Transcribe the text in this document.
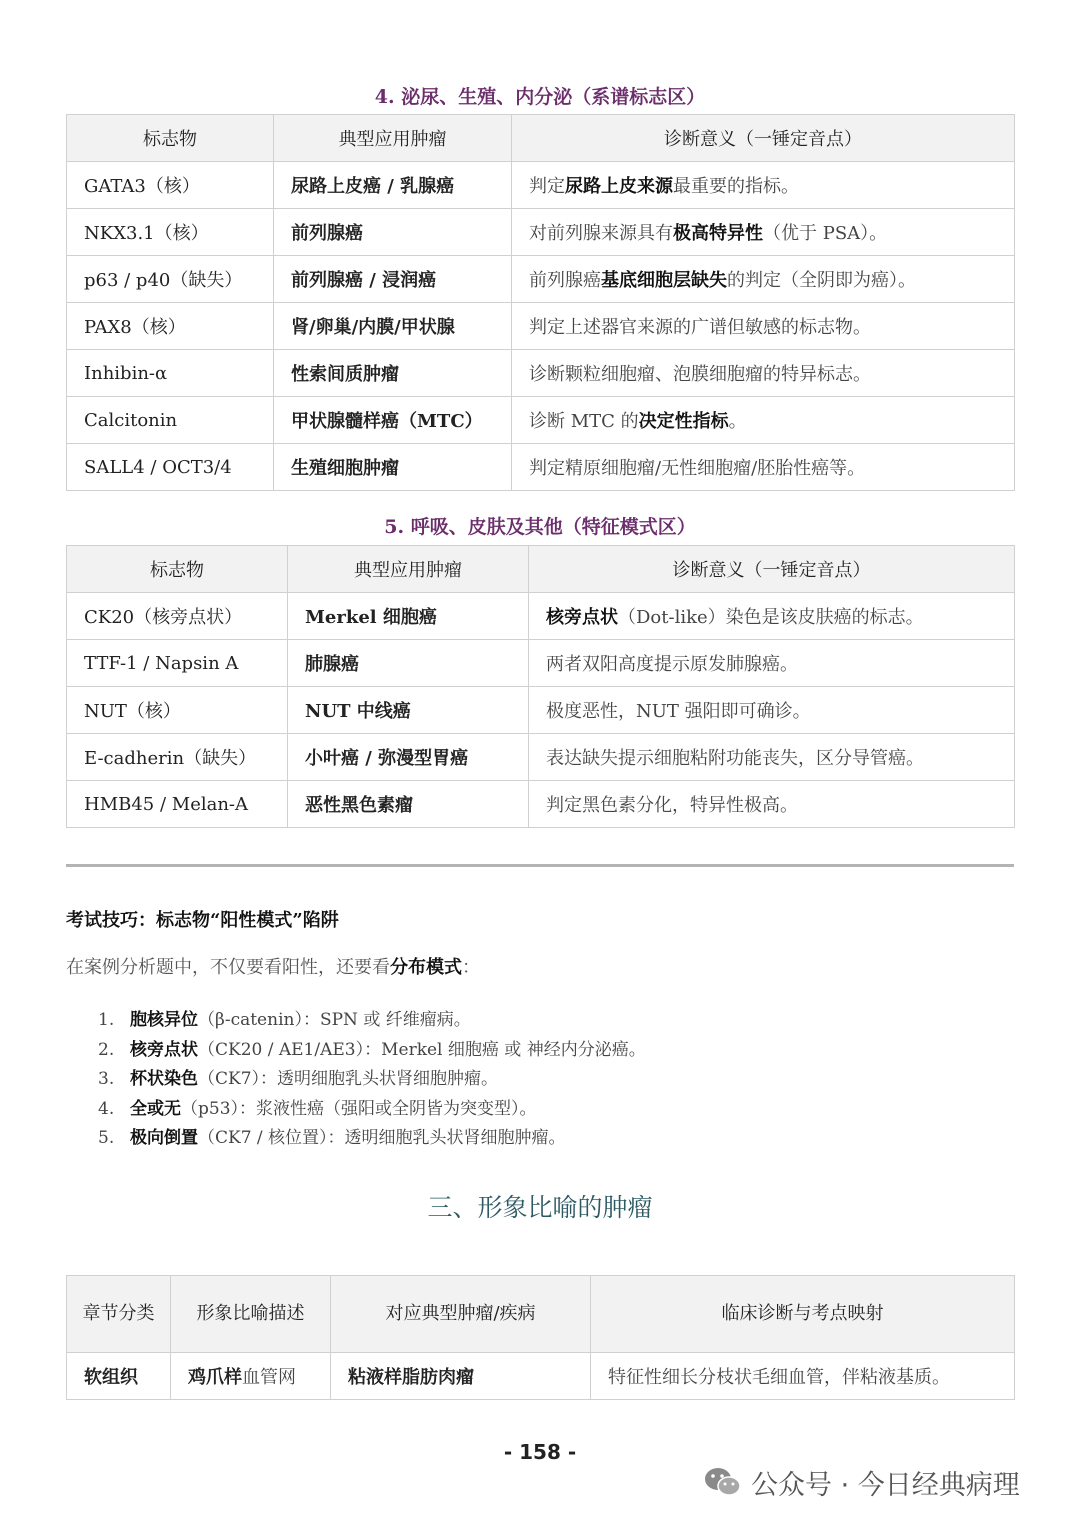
4. 泌尿、生殖、内分泌（系谱标志区）
标志物	典型应用肿瘤	诊断意义（一锤定音点）
GATA3（核）	尿路上皮癌 / 乳腺癌	判定尿路上皮来源最重要的指标。
NKX3.1（核）	前列腺癌	对前列腺来源具有极高特异性（优于 PSA）。
p63 / p40（缺失）	前列腺癌 / 浸润癌	前列腺癌基底细胞层缺失的判定（全阴即为癌）。
PAX8（核）	肾/卵巢/内膜/甲状腺	判定上述器官来源的广谱但敏感的标志物。
Inhibin-α	性索间质肿瘤	诊断颗粒细胞瘤、泡膜细胞瘤的特异标志。
Calcitonin	甲状腺髓样癌（MTC）	诊断 MTC 的决定性指标。
SALL4 / OCT3/4	生殖细胞肿瘤	判定精原细胞瘤/无性细胞瘤/胚胎性癌等。
5. 呼吸、皮肤及其他（特征模式区）
标志物	典型应用肿瘤	诊断意义（一锤定音点）
CK20（核旁点状）	Merkel 细胞癌	核旁点状（Dot-like）染色是该皮肤癌的标志。
TTF-1 / Napsin A	肺腺癌	两者双阳高度提示原发肺腺癌。
NUT（核）	NUT 中线癌	极度恶性，NUT 强阳即可确诊。
E-cadherin（缺失）	小叶癌 / 弥漫型胃癌	表达缺失提示细胞粘附功能丧失，区分导管癌。
HMB45 / Melan-A	恶性黑色素瘤	判定黑色素分化，特异性极高。
考试技巧：标志物“阳性模式”陷阱
在案例分析题中，不仅要看阳性，还要看分布模式：
1. 胞核异位（β-catenin）：SPN 或 纤维瘤病。
2. 核旁点状（CK20 / AE1/AE3）：Merkel 细胞癌 或 神经内分泌癌。
3. 杯状染色（CK7）：透明细胞乳头状肾细胞肿瘤。
4. 全或无（p53）：浆液性癌（强阳或全阴皆为突变型）。
5. 极向倒置（CK7 / 核位置）：透明细胞乳头状肾细胞肿瘤。
三、形象比喻的肿瘤
章节分类	形象比喻描述	对应典型肿瘤/疾病	临床诊断与考点映射
软组织	鸡爪样血管网	粘液样脂肪肉瘤	特征性细长分枝状毛细血管，伴粘液基质。
- 158 -
公众号 · 今日经典病理
